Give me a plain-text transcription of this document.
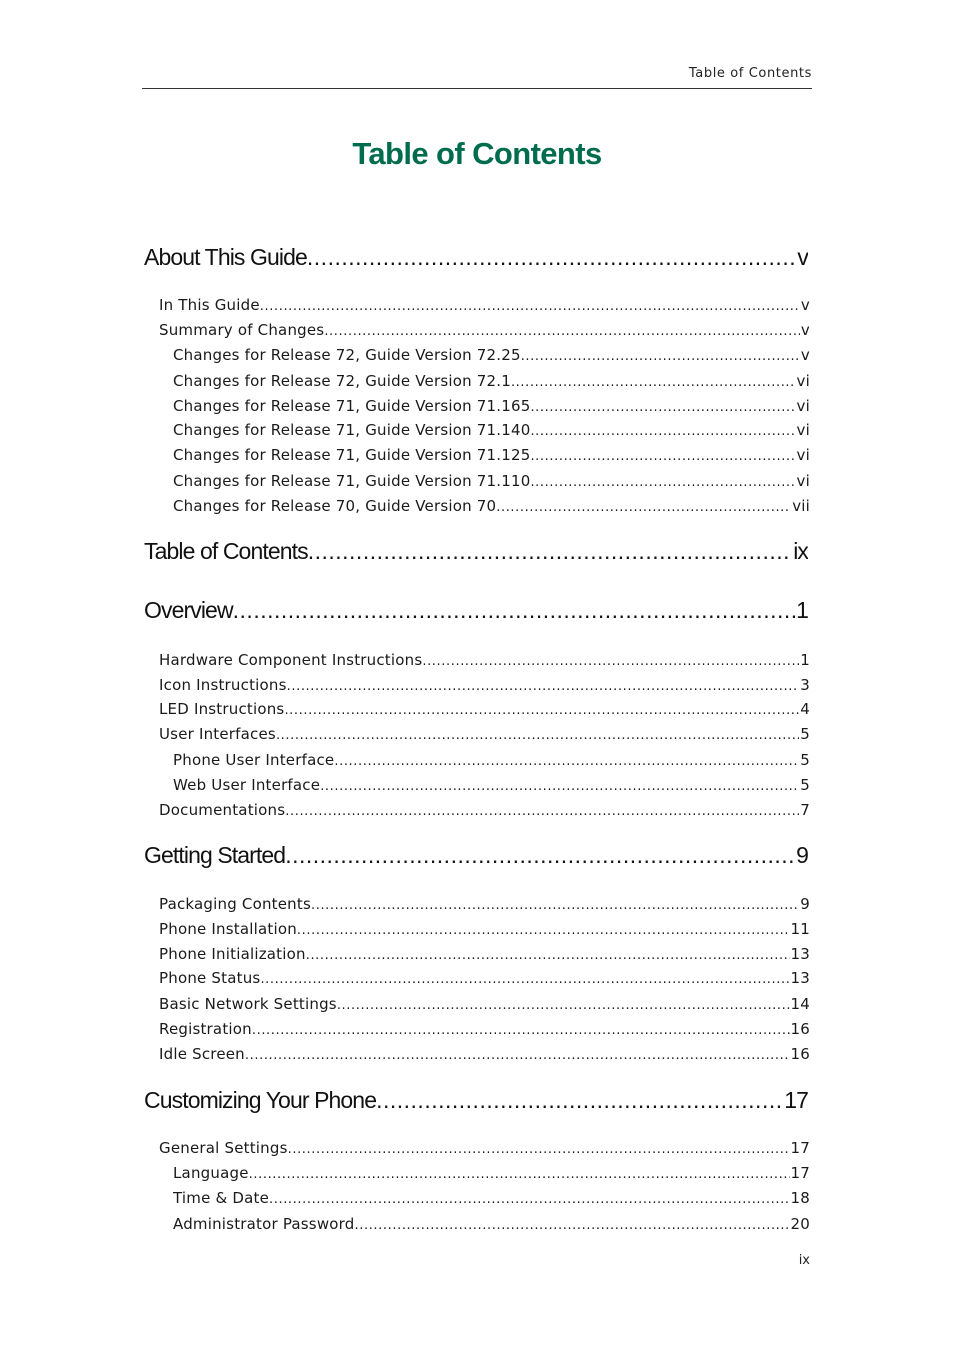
Table of Contents
Table of Contents
About This Guide .....	v
In This Guide .....	v
Summary of Changes .....	v
Changes for Release 72, Guide Version 72.25 .....	v
Changes for Release 72, Guide Version 72.1 .....	vi
Changes for Release 71, Guide Version 71.165 .....	vi
Changes for Release 71, Guide Version 71.140 .....	vi
Changes for Release 71, Guide Version 71.125 .....	vi
Changes for Release 71, Guide Version 71.110 .....	vi
Changes for Release 70, Guide Version 70 .....	vii
Table of Contents .....	ix
Overview .....	1
Hardware Component Instructions .....	1
Icon Instructions .....	3
LED Instructions .....	4
User Interfaces .....	5
Phone User Interface .....	5
Web User Interface .....	5
Documentations .....	7
Getting Started .....	9
Packaging Contents .....	9
Phone Installation .....	11
Phone Initialization .....	13
Phone Status .....	13
Basic Network Settings .....	14
Registration .....	16
Idle Screen .....	16
Customizing Your Phone .....	17
General Settings .....	17
Language .....	17
Time & Date .....	18
Administrator Password .....	20
ix
